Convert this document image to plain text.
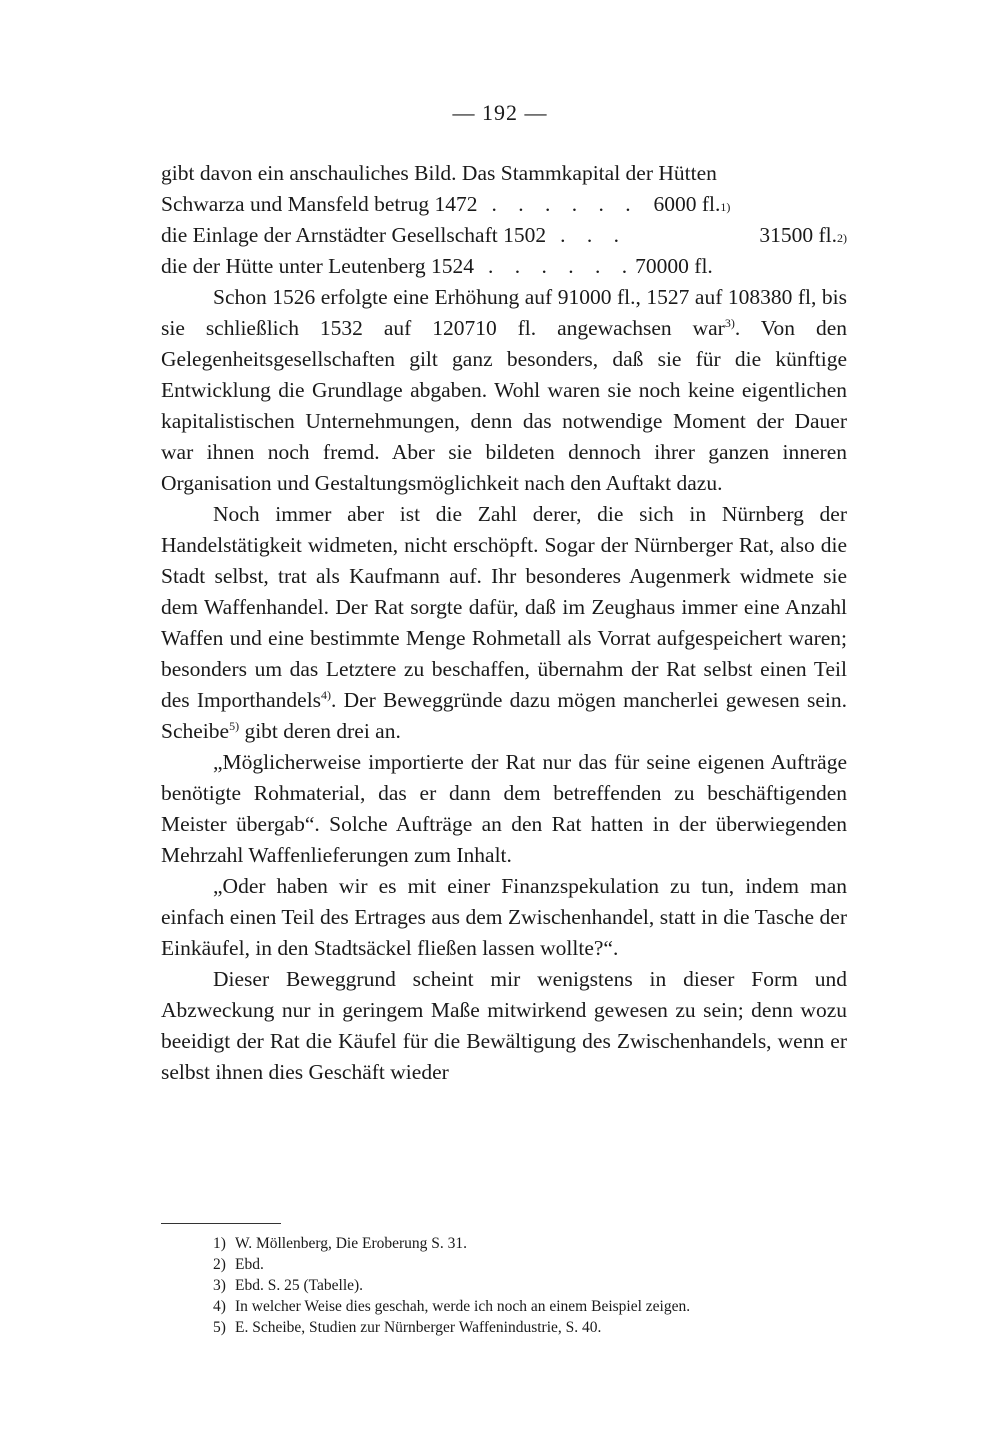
— 192 —

gibt davon ein anschauliches Bild. Das Stammkapital der Hütten

Schwarza und Mansfeld betrug 1472 . . . . . . 6000 fl. 1)
die Einlage der Arnstädter Gesellschaft 1502 . . .	31500 fl. 2)
die der Hütte unter Leutenberg 1524 . . . . . . 70000 fl.

Schon 1526 erfolgte eine Erhöhung auf 91000 fl., 1527 auf 108380 fl, bis sie schließlich 1532 auf 120710 fl. angewachsen war$^{3)}$. Von den Gelegenheitsgesellschaften gilt ganz besonders, daß sie für die künftige Entwicklung die Grundlage abgaben. Wohl waren sie noch keine eigentlichen kapitalistischen Unternehmungen, denn das notwendige Moment der Dauer war ihnen noch fremd. Aber sie bildeten dennoch ihrer ganzen inneren Organisation und Gestaltungsmöglichkeit nach den Auftakt dazu.

Noch immer aber ist die Zahl derer, die sich in Nürnberg der Handelstätigkeit widmeten, nicht erschöpft. Sogar der Nürnberger Rat, also die Stadt selbst, trat als Kaufmann auf. Ihr besonderes Augenmerk widmete sie dem Waffenhandel. Der Rat sorgte dafür, daß im Zeughaus immer eine Anzahl Waffen und eine bestimmte Menge Rohmetall als Vorrat aufgespeichert waren; besonders um das Letztere zu beschaffen, übernahm der Rat selbst einen Teil des Importhandels$^{4)}$. Der Beweggründe dazu mögen mancherlei gewesen sein. Scheibe$^{5)}$ gibt deren drei an.

„Möglicherweise importierte der Rat nur das für seine eigenen Aufträge benötigte Rohmaterial, das er dann dem betreffenden zu beschäftigenden Meister übergab“. Solche Aufträge an den Rat hatten in der überwiegenden Mehrzahl Waffenlieferungen zum Inhalt.

„Oder haben wir es mit einer Finanzspekulation zu tun, indem man einfach einen Teil des Ertrages aus dem Zwischenhandel, statt in die Tasche der Einkäufel, in den Stadtsäckel fließen lassen wollte?“.

Dieser Beweggrund scheint mir wenigstens in dieser Form und Abzweckung nur in geringem Maße mitwirkend gewesen zu sein; denn wozu beeidigt der Rat die Käufel für die Bewältigung des Zwischenhandels, wenn er selbst ihnen dies Geschäft wieder

1) W. Möllenberg, Die Eroberung S. 31.
2) Ebd.
3) Ebd. S. 25 (Tabelle).
4) In welcher Weise dies geschah, werde ich noch an einem Beispiel zeigen.
5) E. Scheibe, Studien zur Nürnberger Waffenindustrie, S. 40.
